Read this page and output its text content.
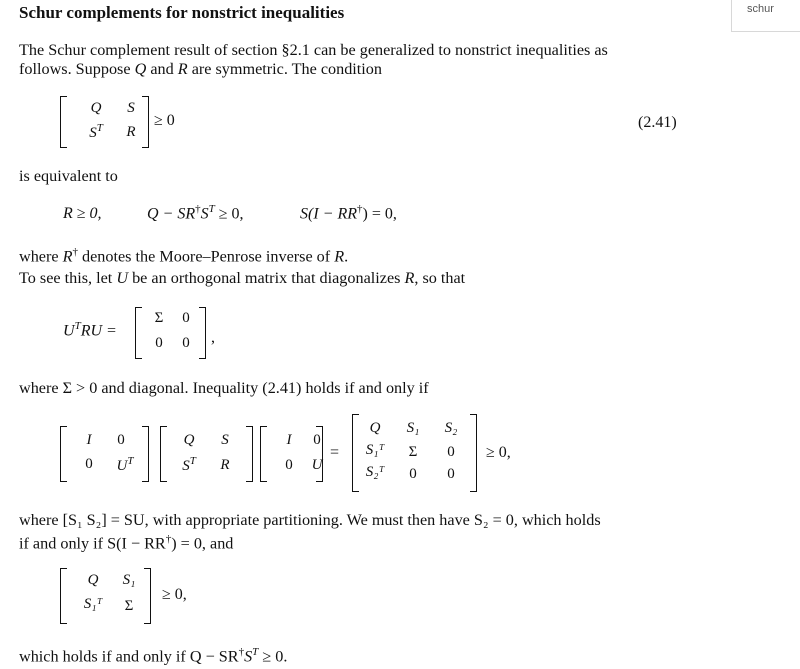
schur
Schur complements for nonstrict inequalities
The Schur complement result of section §2.1 can be generalized to nonstrict inequalities as
follows. Suppose Q and R are symmetric. The condition
Q	S
$S^T$	R
≥ 0	(2.41)
is equivalent to
R ≥ 0,	$Q - SR^\dagger S^T \ge 0$,	S(I − RR†) = 0,
where R† denotes the Moore–Penrose inverse of R.
To see this, let U be an orthogonal matrix that diagonalizes R, so that
$U^TRU$ =
Σ	0
0	0	,
where Σ > 0 and diagonal. Inequality (2.41) holds if and only if
I	0
0	$U^T$
Q	S
$S^T$	R
I	0
0	U
=
Q	S₁	S₂
S₁ᵀ	Σ	0
S₂ᵀ	0	0
≥ 0,
where [S₁ S₂] = SU, with appropriate partitioning. We must then have S₂ = 0, which holds
if and only if S(I − RR†) = 0, and
Q	S₁
S₁ᵀ	Σ
≥ 0,
which holds if and only if $Q - SR^\dagger S^T \ge 0$.
